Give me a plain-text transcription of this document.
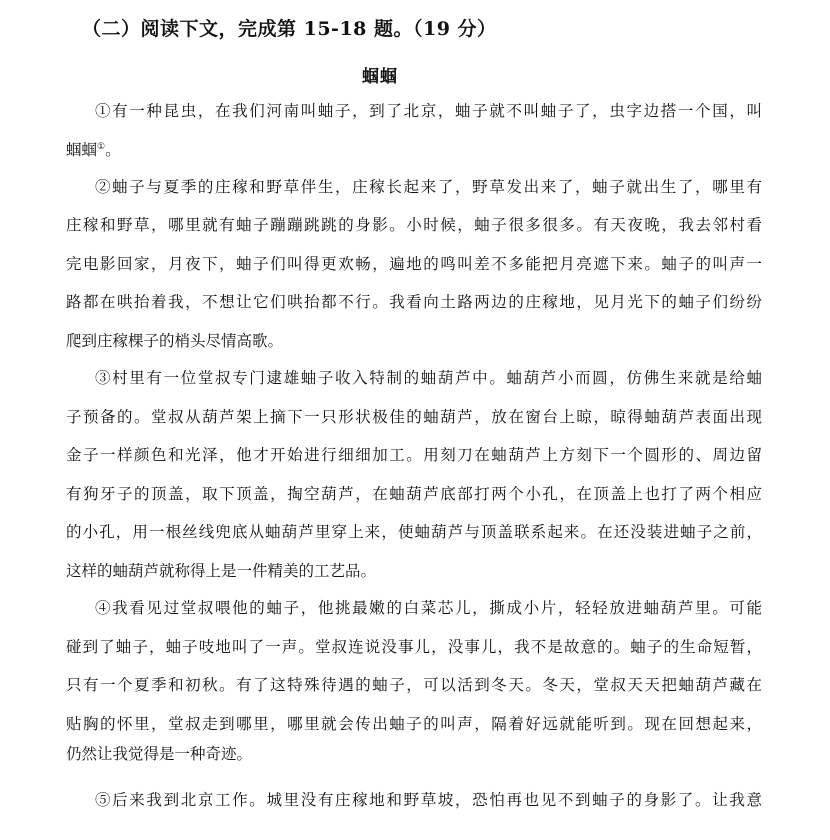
（二）阅读下文，完成第 15-18 题。（19 分）
蝈蝈
①有一种昆虫，在我们河南叫蚰子，到了北京，蚰子就不叫蚰子了，虫字边搭一个国，叫
蝈蝈①。
②蚰子与夏季的庄稼和野草伴生，庄稼长起来了，野草发出来了，蚰子就出生了，哪里有
庄稼和野草，哪里就有蚰子蹦蹦跳跳的身影。小时候，蚰子很多很多。有天夜晚，我去邻村看
完电影回家，月夜下，蚰子们叫得更欢畅，遍地的鸣叫差不多能把月亮遮下来。蚰子的叫声一
路都在哄抬着我，不想让它们哄抬都不行。我看向土路两边的庄稼地，见月光下的蚰子们纷纷
爬到庄稼棵子的梢头尽情高歌。
③村里有一位堂叔专门逮雄蚰子收入特制的蚰葫芦中。蚰葫芦小而圆，仿佛生来就是给蚰
子预备的。堂叔从葫芦架上摘下一只形状极佳的蚰葫芦，放在窗台上晾，晾得蚰葫芦表面出现
金子一样颜色和光泽，他才开始进行细细加工。用刻刀在蚰葫芦上方刻下一个圆形的、周边留
有狗牙子的顶盖，取下顶盖，掏空葫芦，在蚰葫芦底部打两个小孔，在顶盖上也打了两个相应
的小孔，用一根丝线兜底从蚰葫芦里穿上来，使蚰葫芦与顶盖联系起来。在还没装进蚰子之前，
这样的蚰葫芦就称得上是一件精美的工艺品。
④我看见过堂叔喂他的蚰子，他挑最嫩的白菜芯儿，撕成小片，轻轻放进蚰葫芦里。可能
碰到了蚰子，蚰子吱地叫了一声。堂叔连说没事儿，没事儿，我不是故意的。蚰子的生命短暂，
只有一个夏季和初秋。有了这特殊待遇的蚰子，可以活到冬天。冬天，堂叔天天把蚰葫芦藏在
贴胸的怀里，堂叔走到哪里，哪里就会传出蚰子的叫声，隔着好远就能听到。现在回想起来，
仍然让我觉得是一种奇迹。
⑤后来我到北京工作。城里没有庄稼地和野草坡，恐怕再也见不到蚰子的身影了。让我意
